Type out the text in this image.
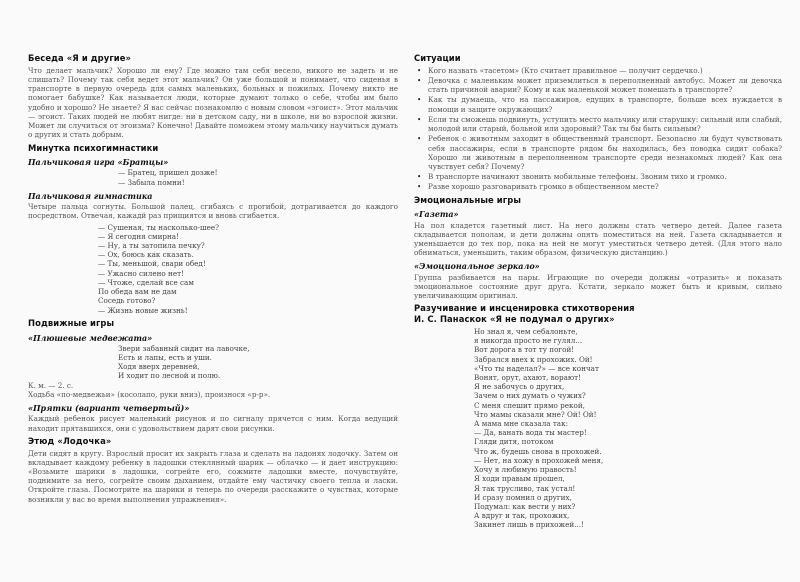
Беседа «Я и другие»

Что делает мальчик? Хорошо ли ему? Где можно там себя весело, никого не задеть и не слишать? Почему так себя ведет этот мальчик? Он уже большой и понимает, что сиденья в транспорте в первую очередь для самых маленьких, больных и пожилых. Почему никто не помогает бабушке? Как называется люди, которые думают только о себе, чтобы им было удобно и хорошо? Не знаете? Я вас сейчас познакомлю с новым словом «эгоист». Этот мальчик — эгоист. Таких людей не любят нигде: ни в детском саду, ни в школе, ни во взрослой жизни. Может ли случиться от эгоизма? Конечно! Давайте поможем этому мальчику научиться думать о других и стать добрым.

Минутка психогимнастики
Пальчиковая игра «Братцы»
— Братец, пришел дозже!
— Забыла помни!
Пальчиковая гимнастика

Четыре пальца согнуты. Большой палец, сгибаясь с прогибой, дотрагивается до каждого посредством. Отвечая, кажадй раз прищиятся и вновь сгибается.

— Сушеная, ты насколько-шее?
— Я сегодня смирна!
— Ну, а ты затопила печку?
— Ох, боюсь как сказать.
— Ты, меньшой, свари обед!
— Ужасно силено нет!
— Чтоже, сделай все сам
По обеда вам не дам
Соседь готово?
— Жизнь новые жизнь!
Подвижные игры
«Плюшевые медвежата»
Звери забавный сидит на лавочке,
Есть и лапы, есть и уши.
Ходя вверх деревней,
И ходит по лесной и полю.
К. м. — 2. с.

Ходьба «по-медвежьи» (косолапо, руки вниз), произнося «р-р».

«Прятки (вариант четвертый)»

Каждый ребенок рисует маленький рисунок и по сигналу прячется с ним. Когда ведущий находит прятавшихся, они с удовольствием дарят свои рисунки.

Этюд «Лодочка»

Дети сидят в кругу. Взрослый просит их закрыть глаза и сделать на ладонях лодочку. Затем он вкладывает каждому ребенку в ладошки стеклянный шарик — облачко — и дает инструкцию: «Возьмите шарики в ладошки, согрейте его, сожмите ладошки вместе, почувствуйте, поднимите за него, согрейте своим дыханием, отдайте ему частичку своего тепла и ласки. Откройте глаза. Посмотрите на шарики и теперь по очереди расскажите о чувствах, которые возникли у вас во время выполнения упражнения».

Ситуации
• Кого назвать «тасетом» (Кто считает правильное — получит сердечко.)
• Девочка с маленьким может приземлиться в переполненный автобус. Может ли девочка стать причиной аварии? Кому и как маленькой может помешать в транспорте?
• Как ты думаешь, что на пассажиров, едущих в транспорте, больше всех нуждается в помощи и защите окружающих?
• Если ты сможешь подвинуть, уступить место мальчику или старушку: сильный или слабый, молодой или старый, больной или здоровый? Так ты бы быть сильным?
• Ребенок с животным заходит в общественный транспорт. Безопасно ли будут чувствовать себя пассажиры, если в транспорте рядом бы находилась, без поводка сидит собака? Хорошо ли животным в переполненном транспорте среди незнакомых людей? Как она чувствует себя? Почему?
• В транспорте начинают звонить мобильные телефоны. Звоним тихо и громко.
• Разве хорошо разговаривать громко в общественном месте?
Эмоциональные игры
«Газета»

На пол кладется газетный лист. На него должны стать четверо детей. Далее газета складывается пополам, и дети должны опять поместиться на ней. Газета складывается и уменьшается до тех пор, пока на ней не могут уместиться четверо детей. (Для этого нало обниматься, уменьшить, таким образом, физическую дистанцию.)

«Эмоциональное зеркало»

Группа разбивается на пары. Играющие по очереди должны «отразить» и показать эмоциональное состояние друг друга. Кстати, зеркало может быть и кривым, сильно увеличивающим оригинал.

Разучивание и инсценировка стихотворения
И. С. Панаскок «Я не подумал о других»
Но знал я, чем себалоньте,
я никогда просто не гулял...
Вот дорога в тот ту погой!
Забрался ввех к прохожих. Ой!
«Что ты наделал?» — все кончат
Вонят, орут, ахают, ворают!
Я не забочусь о других,
Зачем о них думать о чужих?
С меня спешит прямо рекой,
Что мамы сказали мне? Ой! Ой!
А мама мне сказала так:
— Да, ванать вода ты мастер!
Гляди дитя, потоком
Что ж, будешь снова в прохожей.
— Нет, на хожу в прохожей меня,
Хочу я любимую правость!
Я ходи правым прошел,
Я так трусливо, так устал!
И сразу помнил о других,
Подумал: как вести у них?
А вдруг и так, прохожих,
Закинет лишь в прихожей...!
